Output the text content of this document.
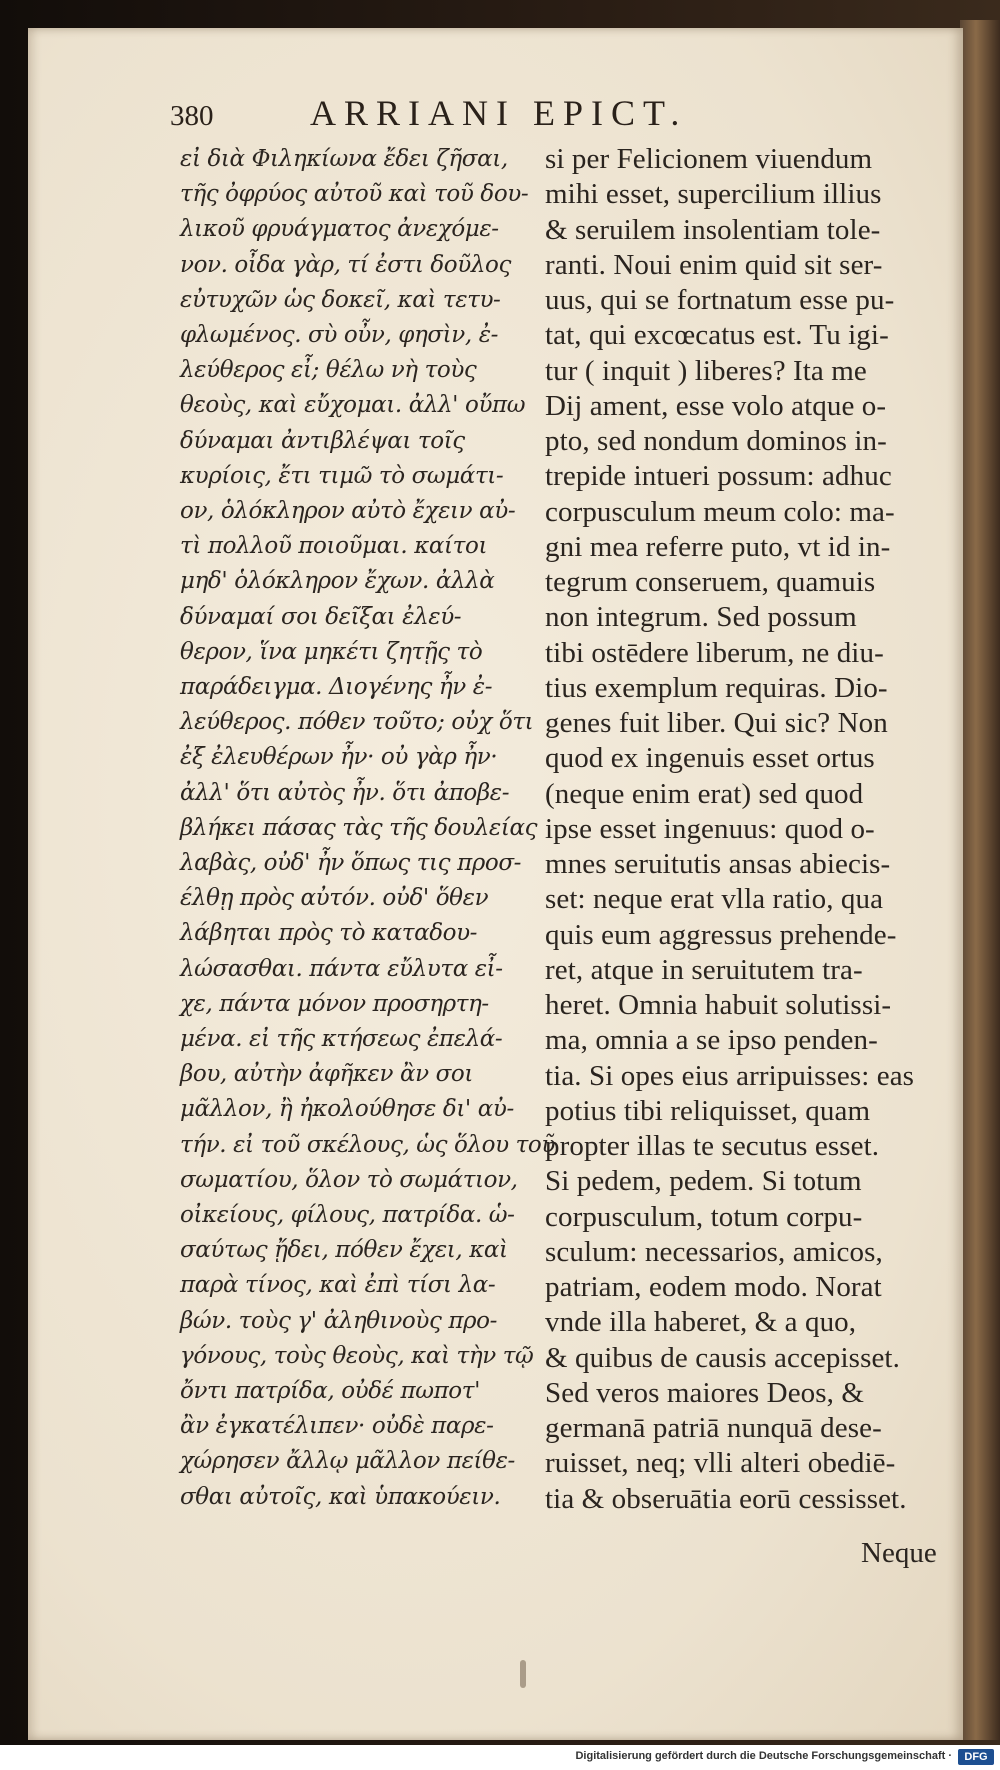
380	ARRIANI EPICT.
εἰ διὰ Φιληκίωνα ἔδει ζῆσαι,
τῆς ὀφρύος αὐτοῦ καὶ τοῦ δου-
λικοῦ φρυάγματος ἀνεχόμε-
νον. οἶδα γὰρ, τί ἐστι δοῦλος
εὐτυχῶν ὡς δοκεῖ, καὶ τετυ-
φλωμένος. σὺ οὖν, φησὶν, ἐ-
λεύθερος εἶ; θέλω νὴ τοὺς
θεοὺς, καὶ εὔχομαι. ἀλλ' οὔπω
δύναμαι ἀντιβλέψαι τοῖς
κυρίοις, ἔτι τιμῶ τὸ σωμάτι-
ον, ὁλόκληρον αὐτὸ ἔχειν αὐ-
τὶ πολλοῦ ποιοῦμαι. καίτοι
μηδ' ὁλόκληρον ἔχων. ἀλλὰ
δύναμαί σοι δεῖξαι ἐλεύ-
θερον, ἵνα μηκέτι ζητῇς τὸ
παράδειγμα. Διογένης ἦν ἐ-
λεύθερος. πόθεν τοῦτο; οὐχ ὅτι
ἐξ ἐλευθέρων ἦν· οὐ γὰρ ἦν·
ἀλλ' ὅτι αὐτὸς ἦν. ὅτι ἀποβε-
βλήκει πάσας τὰς τῆς δουλείας
λαβὰς, οὐδ' ἦν ὅπως τις προσ-
έλθῃ πρὸς αὐτόν. οὐδ' ὅθεν
λάβηται πρὸς τὸ καταδου-
λώσασθαι. πάντα εὔλυτα εἶ-
χε, πάντα μόνον προσηρτη-
μένα. εἰ τῆς κτήσεως ἐπελά-
βου, αὐτὴν ἀφῆκεν ἂν σοι
μᾶλλον, ἢ ἠκολούθησε δι' αὐ-
τήν. εἰ τοῦ σκέλους, ὡς ὅλου τοῦ
σωματίου, ὅλον τὸ σωμάτιον,
οἰκείους, φίλους, πατρίδα. ὡ-
σαύτως ᾔδει, πόθεν ἔχει, καὶ
παρὰ τίνος, καὶ ἐπὶ τίσι λα-
βών. τοὺς γ' ἀληθινοὺς προ-
γόνους, τοὺς θεοὺς, καὶ τὴν τῷ
ὄντι πατρίδα, οὐδέ πωποτ'
ἂν ἐγκατέλιπεν· οὐδὲ παρε-
χώρησεν ἄλλῳ μᾶλλον πείθε-
σθαι αὐτοῖς, καὶ ὑπακούειν.
si per Felicionem viuendum
mihi esset, supercilium illius
& seruilem insolentiam tole-
ranti. Noui enim quid sit ser-
uus, qui se fortnatum esse pu-
tat, qui excœcatus est. Tu igi-
tur ( inquit ) liberes? Ita me
Dij ament, esse volo atque o-
pto, sed nondum dominos in-
trepide intueri possum: adhuc
corpusculum meum colo: ma-
gni mea referre puto, vt id in-
tegrum conseruem, quamuis
non integrum. Sed possum
tibi ostēdere liberum, ne diu-
tius exemplum requiras. Dio-
genes fuit liber. Qui sic? Non
quod ex ingenuis esset ortus
(neque enim erat) sed quod
ipse esset ingenuus: quod o-
mnes seruitutis ansas abiecis-
set: neque erat vlla ratio, qua
quis eum aggressus prehende-
ret, atque in seruitutem tra-
heret. Omnia habuit solutissi-
ma, omnia a se ipso penden-
tia. Si opes eius arripuisses: eas
potius tibi reliquisset, quam
propter illas te secutus esset.
Si pedem, pedem. Si totum
corpusculum, totum corpu-
sculum: necessarios, amicos,
patriam, eodem modo. Norat
vnde illa haberet, & a quo,
& quibus de causis accepisset.
Sed veros maiores Deos, &
germanā patriā nunquā dese-
ruisset, neq; vlli alteri obediē-
tia & obseruātia eorū cessisset.
Neque
Digitalisierung gefördert durch die Deutsche Forschungsgemeinschaft ·	DFG
